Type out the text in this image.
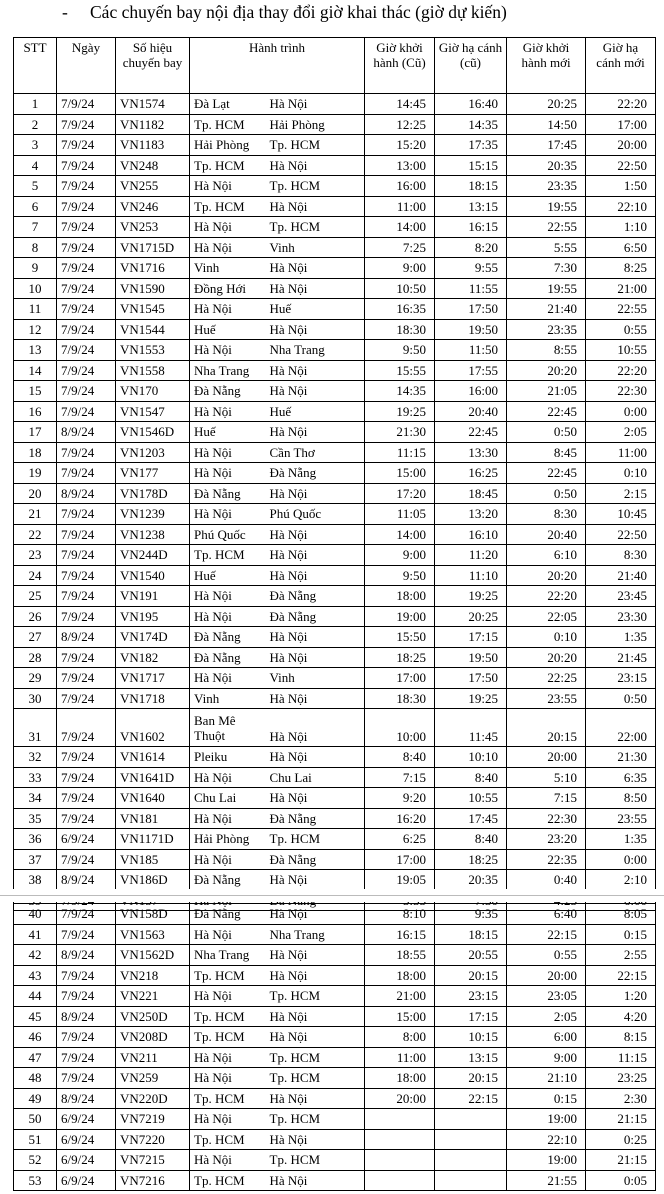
- Các chuyến bay nội địa thay đổi giờ khai thác (giờ dự kiến)
STT	Ngày	Số hiệu chuyến bay	Hành trình		Giờ khởi hành (Cũ)	Giờ hạ cánh (cũ)	Giờ khởi hành mới	Giờ hạ cánh mới
1	7/9/24	VN1574	Đà Lạt	Hà Nội	14:45	16:40	20:25	22:20
2	7/9/24	VN1182	Tp. HCM	Hải Phòng	12:25	14:35	14:50	17:00
3	7/9/24	VN1183	Hải Phòng	Tp. HCM	15:20	17:35	17:45	20:00
4	7/9/24	VN248	Tp. HCM	Hà Nội	13:00	15:15	20:35	22:50
5	7/9/24	VN255	Hà Nội	Tp. HCM	16:00	18:15	23:35	1:50
6	7/9/24	VN246	Tp. HCM	Hà Nội	11:00	13:15	19:55	22:10
7	7/9/24	VN253	Hà Nội	Tp. HCM	14:00	16:15	22:55	1:10
8	7/9/24	VN1715D	Hà Nội	Vinh	7:25	8:20	5:55	6:50
9	7/9/24	VN1716	Vinh	Hà Nội	9:00	9:55	7:30	8:25
10	7/9/24	VN1590	Đồng Hới	Hà Nội	10:50	11:55	19:55	21:00
11	7/9/24	VN1545	Hà Nội	Huế	16:35	17:50	21:40	22:55
12	7/9/24	VN1544	Huế	Hà Nội	18:30	19:50	23:35	0:55
13	7/9/24	VN1553	Hà Nội	Nha Trang	9:50	11:50	8:55	10:55
14	7/9/24	VN1558	Nha Trang	Hà Nội	15:55	17:55	20:20	22:20
15	7/9/24	VN170	Đà Nẵng	Hà Nội	14:35	16:00	21:05	22:30
16	7/9/24	VN1547	Hà Nội	Huế	19:25	20:40	22:45	0:00
17	8/9/24	VN1546D	Huế	Hà Nội	21:30	22:45	0:50	2:05
18	7/9/24	VN1203	Hà Nội	Cần Thơ	11:15	13:30	8:45	11:00
19	7/9/24	VN177	Hà Nội	Đà Nẵng	15:00	16:25	22:45	0:10
20	8/9/24	VN178D	Đà Nẵng	Hà Nội	17:20	18:45	0:50	2:15
21	7/9/24	VN1239	Hà Nội	Phú Quốc	11:05	13:20	8:30	10:45
22	7/9/24	VN1238	Phú Quốc	Hà Nội	14:00	16:10	20:40	22:50
23	7/9/24	VN244D	Tp. HCM	Hà Nội	9:00	11:20	6:10	8:30
24	7/9/24	VN1540	Huế	Hà Nội	9:50	11:10	20:20	21:40
25	7/9/24	VN191	Hà Nội	Đà Nẵng	18:00	19:25	22:20	23:45
26	7/9/24	VN195	Hà Nội	Đà Nẵng	19:00	20:25	22:05	23:30
27	8/9/24	VN174D	Đà Nẵng	Hà Nội	15:50	17:15	0:10	1:35
28	7/9/24	VN182	Đà Nẵng	Hà Nội	18:25	19:50	20:20	21:45
29	7/9/24	VN1717	Hà Nội	Vinh	17:00	17:50	22:25	23:15
30	7/9/24	VN1718	Vinh	Hà Nội	18:30	19:25	23:55	0:50
31	7/9/24	VN1602	Ban Mê Thuột	Hà Nội	10:00	11:45	20:15	22:00
32	7/9/24	VN1614	Pleiku	Hà Nội	8:40	10:10	20:00	21:30
33	7/9/24	VN1641D	Hà Nội	Chu Lai	7:15	8:40	5:10	6:35
34	7/9/24	VN1640	Chu Lai	Hà Nội	9:20	10:55	7:15	8:50
35	7/9/24	VN181	Hà Nội	Đà Nẵng	16:20	17:45	22:30	23:55
36	6/9/24	VN1171D	Hải Phòng	Tp. HCM	6:25	8:40	23:20	1:35
37	7/9/24	VN185	Hà Nội	Đà Nẵng	17:00	18:25	22:35	0:00
38	8/9/24	VN186D	Đà Nẵng	Hà Nội	19:05	20:35	0:40	2:10

40	7/9/24	VN158D	Đà Nẵng	Hà Nội	8:10	9:35	6:40	8:05
41	7/9/24	VN1563	Hà Nội	Nha Trang	16:15	18:15	22:15	0:15
42	8/9/24	VN1562D	Nha Trang	Hà Nội	18:55	20:55	0:55	2:55
43	7/9/24	VN218	Tp. HCM	Hà Nội	18:00	20:15	20:00	22:15
44	7/9/24	VN221	Hà Nội	Tp. HCM	21:00	23:15	23:05	1:20
45	8/9/24	VN250D	Tp. HCM	Hà Nội	15:00	17:15	2:05	4:20
46	7/9/24	VN208D	Tp. HCM	Hà Nội	8:00	10:15	6:00	8:15
47	7/9/24	VN211	Hà Nội	Tp. HCM	11:00	13:15	9:00	11:15
48	7/9/24	VN259	Hà Nội	Tp. HCM	18:00	20:15	21:10	23:25
49	8/9/24	VN220D	Tp. HCM	Hà Nội	20:00	22:15	0:15	2:30
50	6/9/24	VN7219	Hà Nội	Tp. HCM			19:00	21:15
51	6/9/24	VN7220	Tp. HCM	Hà Nội			22:10	0:25
52	6/9/24	VN7215	Hà Nội	Tp. HCM			19:00	21:15
53	6/9/24	VN7216	Tp. HCM	Hà Nội			21:55	0:05
